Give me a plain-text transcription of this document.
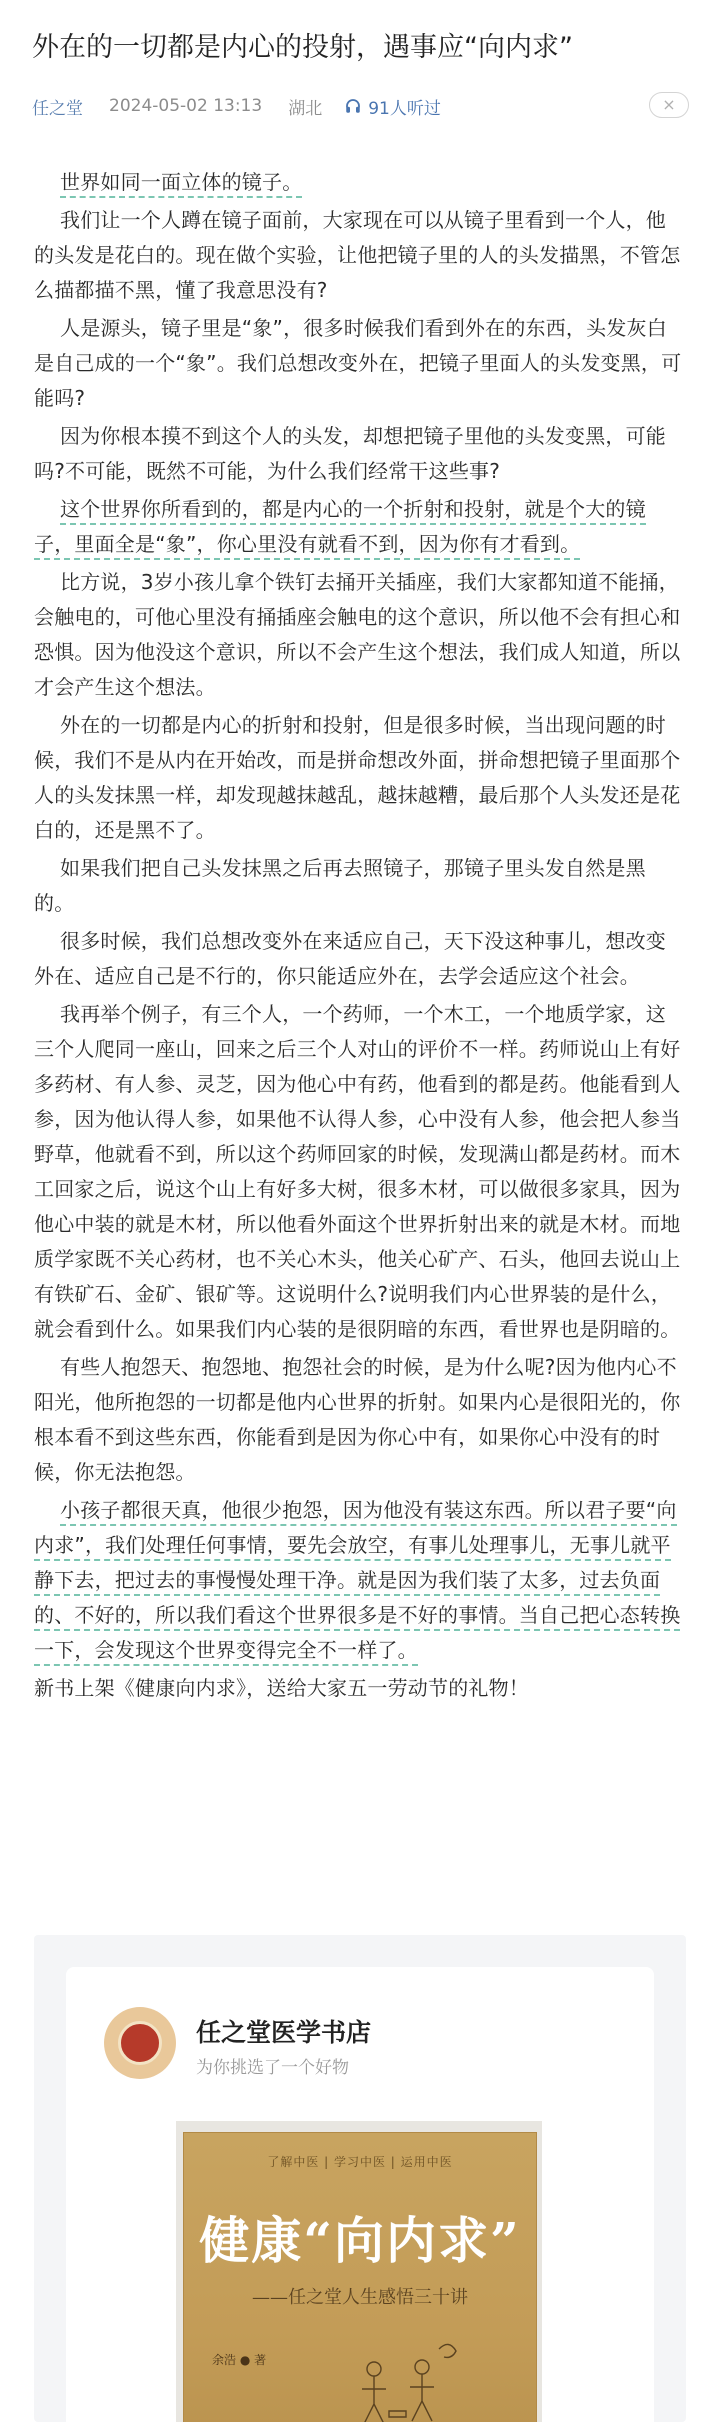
外在的一切都是内心的投射，遇事应“向内求”
任之堂 2024-05-02 13:13 湖北	91人听过	×

世界如同一面立体的镜子。

我们让一个人蹲在镜子面前，大家现在可以从镜子里看到一个人，他的头发是花白的。现在做个实验，让他把镜子里的人的头发描黑，不管怎么描都描不黑，懂了我意思没有?

人是源头，镜子里是“象”，很多时候我们看到外在的东西，头发灰白是自己成的一个“象”。我们总想改变外在，把镜子里面人的头发变黑，可能吗?

因为你根本摸不到这个人的头发，却想把镜子里他的头发变黑，可能吗?不可能，既然不可能，为什么我们经常干这些事?

这个世界你所看到的，都是内心的一个折射和投射，就是个大的镜子，里面全是“象”，你心里没有就看不到，因为你有才看到。

比方说，3岁小孩儿拿个铁钉去捅开关插座，我们大家都知道不能捅，会触电的，可他心里没有捅插座会触电的这个意识，所以他不会有担心和恐惧。因为他没这个意识，所以不会产生这个想法，我们成人知道，所以才会产生这个想法。

外在的一切都是内心的折射和投射，但是很多时候，当出现问题的时候，我们不是从内在开始改，而是拼命想改外面，拼命想把镜子里面那个人的头发抹黑一样，却发现越抹越乱，越抹越糟，最后那个人头发还是花白的，还是黑不了。

如果我们把自己头发抹黑之后再去照镜子，那镜子里头发自然是黑的。

很多时候，我们总想改变外在来适应自己，天下没这种事儿，想改变外在、适应自己是不行的，你只能适应外在，去学会适应这个社会。

我再举个例子，有三个人，一个药师，一个木工，一个地质学家，这三个人爬同一座山，回来之后三个人对山的评价不一样。药师说山上有好多药材、有人参、灵芝，因为他心中有药，他看到的都是药。他能看到人参，因为他认得人参，如果他不认得人参，心中没有人参，他会把人参当野草，他就看不到，所以这个药师回家的时候，发现满山都是药材。而木工回家之后，说这个山上有好多大树，很多木材，可以做很多家具，因为他心中装的就是木材，所以他看外面这个世界折射出来的就是木材。而地质学家既不关心药材，也不关心木头，他关心矿产、石头，他回去说山上有铁矿石、金矿、银矿等。这说明什么?说明我们内心世界装的是什么，就会看到什么。如果我们内心装的是很阴暗的东西，看世界也是阴暗的。

有些人抱怨天、抱怨地、抱怨社会的时候，是为什么呢?因为他内心不阳光，他所抱怨的一切都是他内心世界的折射。如果内心是很阳光的，你根本看不到这些东西，你能看到是因为你心中有，如果你心中没有的时候，你无法抱怨。

小孩子都很天真，他很少抱怨，因为他没有装这东西。所以君子要“向内求”，我们处理任何事情，要先会放空，有事儿处理事儿，无事儿就平静下去，把过去的事慢慢处理干净。就是因为我们装了太多，过去负面的、不好的，所以我们看这个世界很多是不好的事情。当自己把心态转换一下，会发现这个世界变得完全不一样了。

新书上架《健康向内求》，送给大家五一劳动节的礼物！

任之堂医学书店
为你挑选了一个好物
了解中医 | 学习中医 | 运用中医
健康“向内求”
——任之堂人生感悟三十讲
余浩 ● 著
